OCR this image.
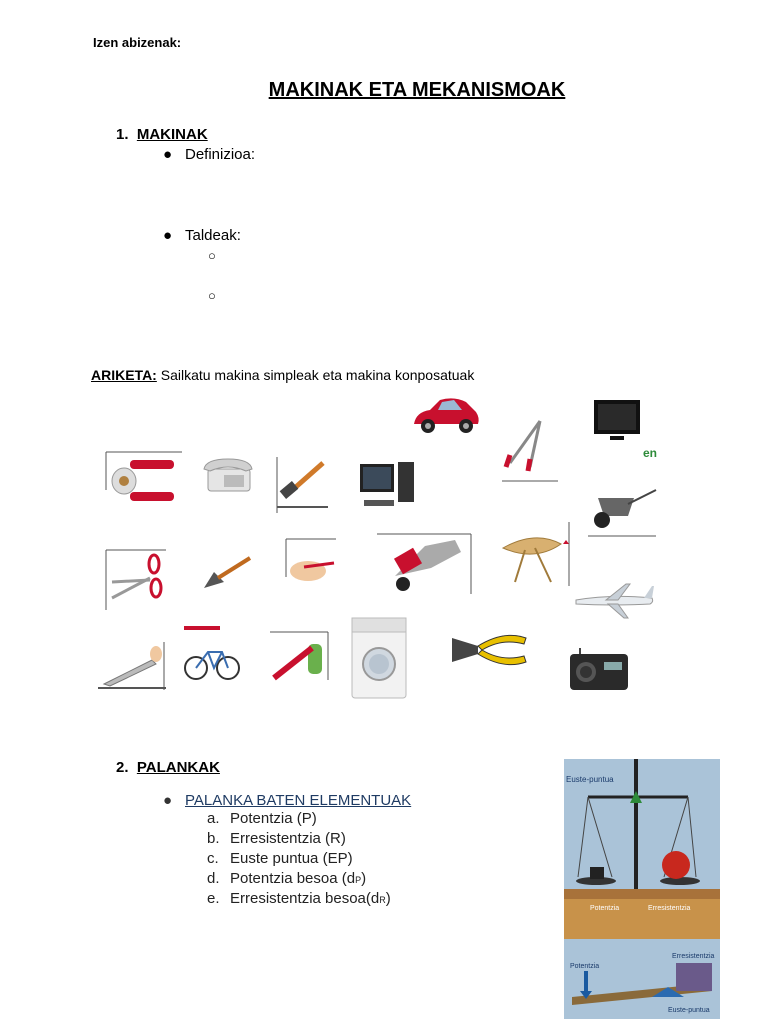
Izen abizenak:
MAKINAK ETA MEKANISMOAK
1. MAKINAK
● Definizioa:
● Taldeak:
○
○
ARIKETA: Sailkatu makina simpleak eta makina konposatuak
en
2. PALANKAK
● PALANKA BATEN ELEMENTUAK
a. Potentzia (P)
b. Erresistentzia (R)
c. Euste puntua (EP)
d. Potentzia besoa (dP)
e. Erresistentzia besoa(dR)
Euste-puntua
Potentzia	Erresistentzia
Potentzia
Erresistentzia
Euste-puntua
